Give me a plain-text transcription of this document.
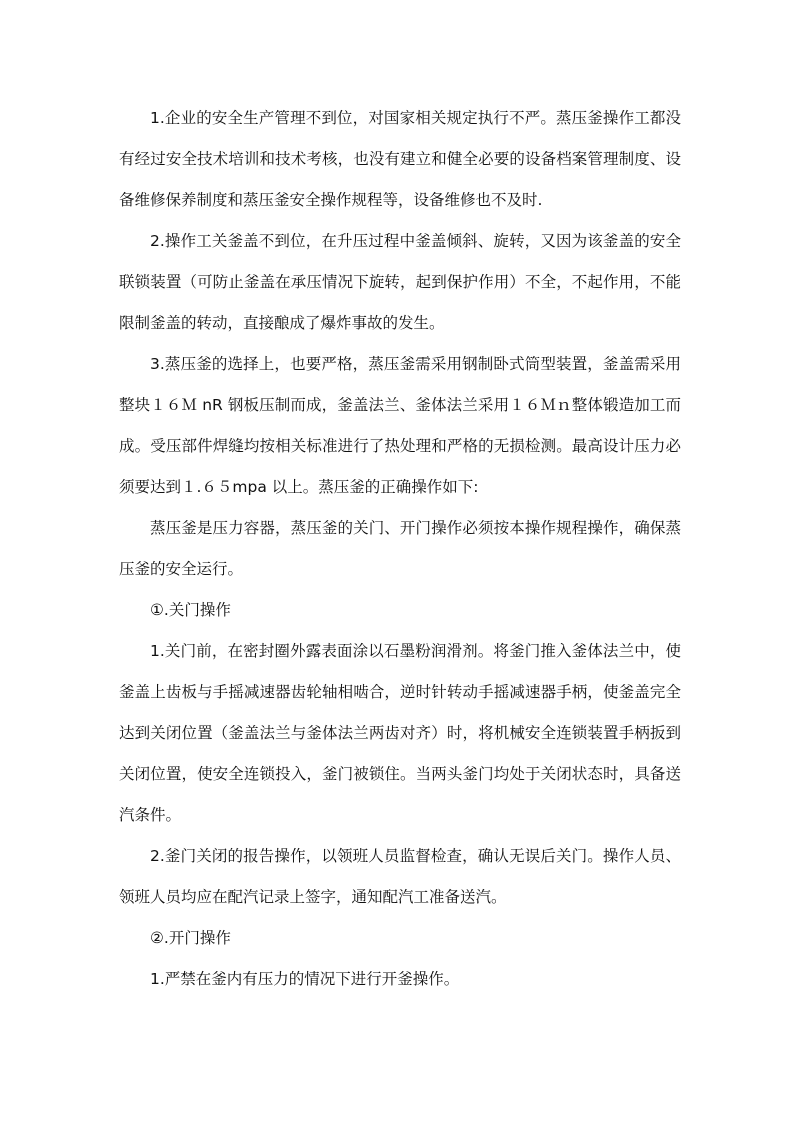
1.企业的安全生产管理不到位，对国家相关规定执行不严。蒸压釜操作工都没有经过安全技术培训和技术考核，也没有建立和健全必要的设备档案管理制度、设备维修保养制度和蒸压釜安全操作规程等，设备维修也不及时.

2.操作工关釜盖不到位，在升压过程中釜盖倾斜、旋转，又因为该釜盖的安全联锁装置（可防止釜盖在承压情况下旋转，起到保护作用）不全，不起作用，不能限制釜盖的转动，直接酿成了爆炸事故的发生。

3.蒸压釜的选择上，也要严格，蒸压釜需采用钢制卧式筒型装置，釜盖需采用整块１６Ｍ nR 钢板压制而成，釜盖法兰、釜体法兰采用１６Ｍｎ整体锻造加工而成。受压部件焊缝均按相关标准进行了热处理和严格的无损检测。最高设计压力必须要达到１.６５mpa 以上。蒸压釜的正确操作如下:

蒸压釜是压力容器，蒸压釜的关门、开门操作必须按本操作规程操作，确保蒸压釜的安全运行。

①.关门操作

1.关门前，在密封圈外露表面涂以石墨粉润滑剂。将釜门推入釜体法兰中，使釜盖上齿板与手摇减速器齿轮轴相啮合，逆时针转动手摇减速器手柄，使釜盖完全达到关闭位置（釜盖法兰与釜体法兰两齿对齐）时，将机械安全连锁装置手柄扳到关闭位置，使安全连锁投入，釜门被锁住。当两头釜门均处于关闭状态时，具备送汽条件。

2.釜门关闭的报告操作，以领班人员监督检查，确认无误后关门。操作人员、领班人员均应在配汽记录上签字，通知配汽工准备送汽。

②.开门操作

1.严禁在釜内有压力的情况下进行开釜操作。
